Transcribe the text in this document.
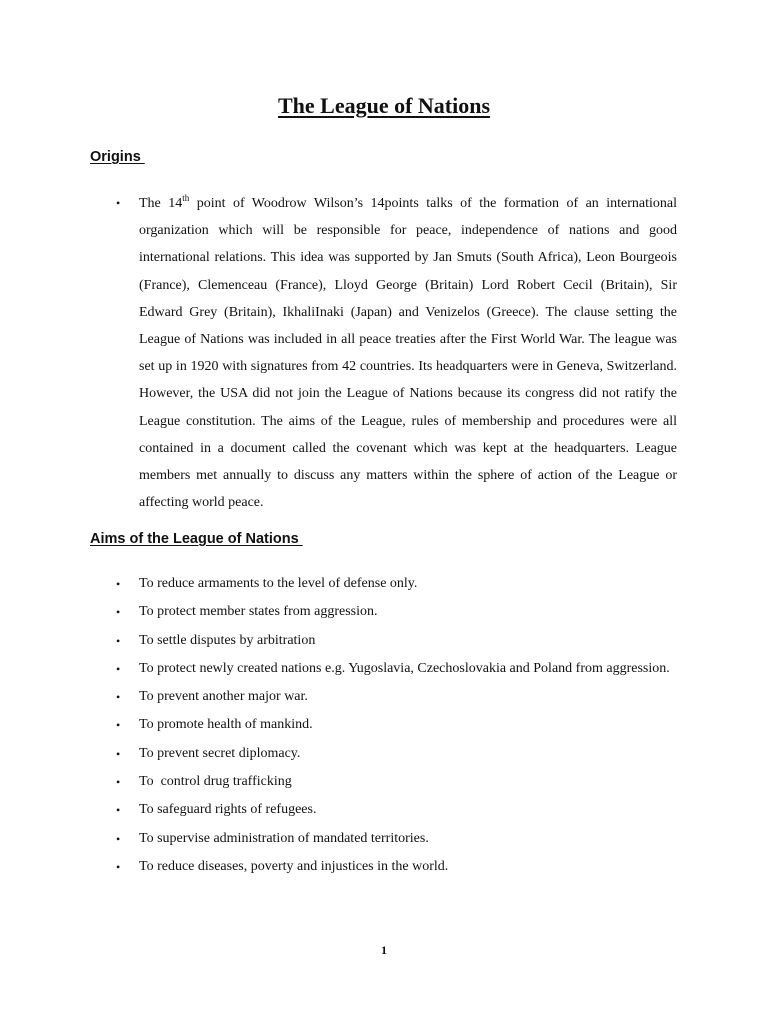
The League of Nations
Origins
• The 14th point of Woodrow Wilson’s 14points talks of the formation of an international organization which will be responsible for peace, independence of nations and good international relations. This idea was supported by Jan Smuts (South Africa), Leon Bourgeois (France), Clemenceau (France), Lloyd George (Britain) Lord Robert Cecil (Britain), Sir Edward Grey (Britain), IkhaliInaki (Japan) and Venizelos (Greece). The clause setting the League of Nations was included in all peace treaties after the First World War. The league was set up in 1920 with signatures from 42 countries. Its headquarters were in Geneva, Switzerland. However, the USA did not join the League of Nations because its congress did not ratify the League constitution. The aims of the League, rules of membership and procedures were all contained in a document called the covenant which was kept at the headquarters. League members met annually to discuss any matters within the sphere of action of the League or affecting world peace.
Aims of the League of Nations
• To reduce armaments to the level of defense only.
• To protect member states from aggression.
• To settle disputes by arbitration
• To protect newly created nations e.g. Yugoslavia, Czechoslovakia and Poland from aggression.
• To prevent another major war.
• To promote health of mankind.
• To prevent secret diplomacy.
• To  control drug trafficking
• To safeguard rights of refugees.
• To supervise administration of mandated territories.
• To reduce diseases, poverty and injustices in the world.
1
